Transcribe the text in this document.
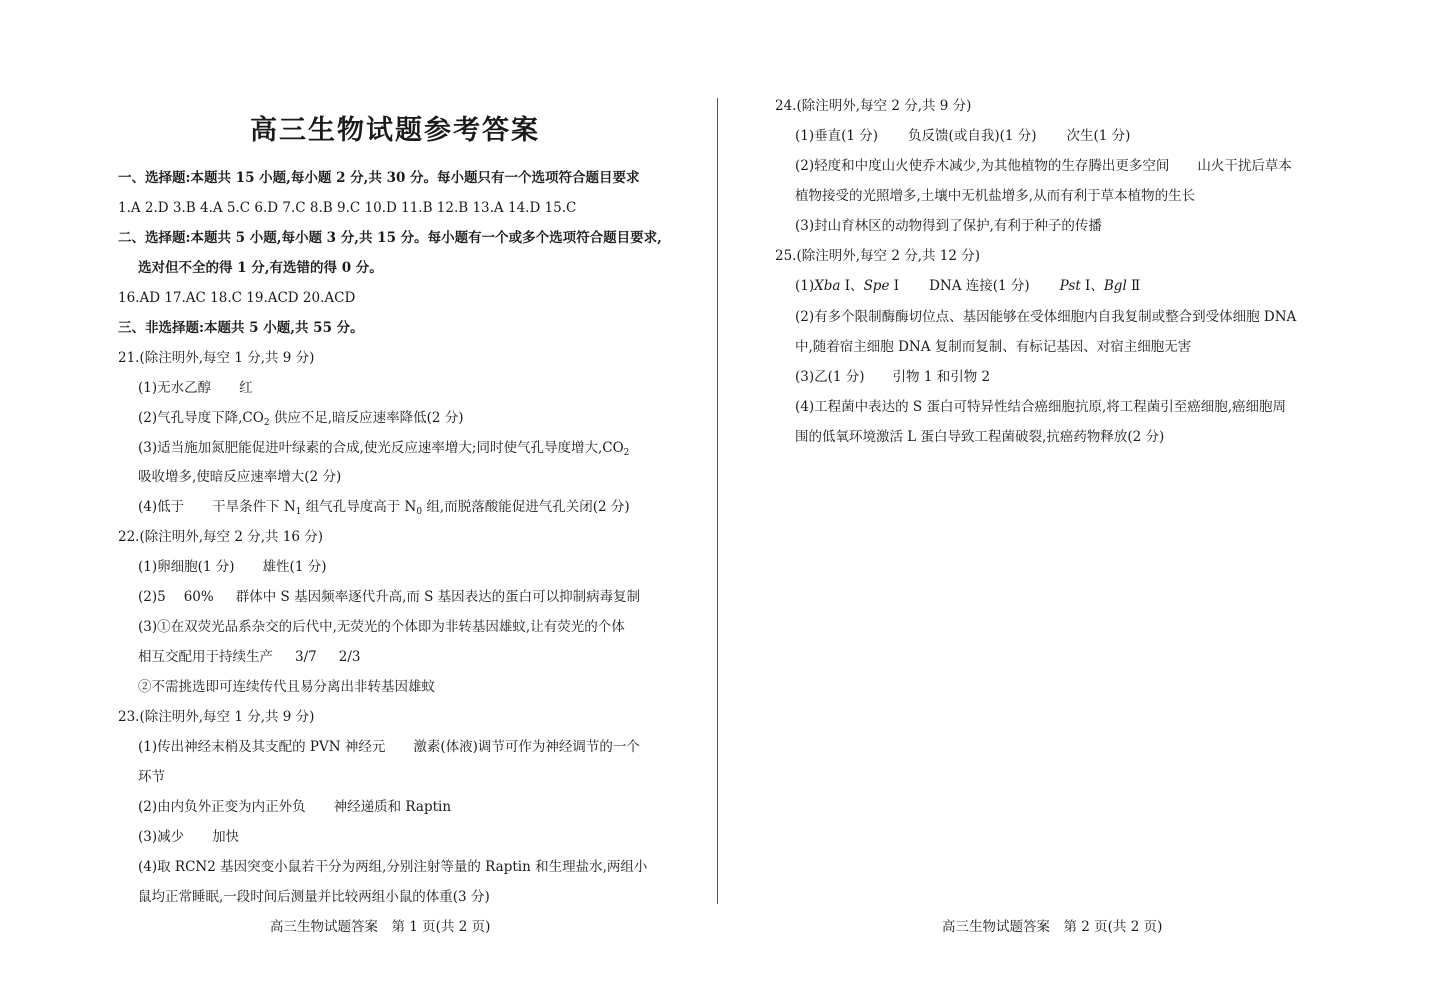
高三生物试题参考答案
一、选择题:本题共 15 小题,每小题 2 分,共 30 分。每小题只有一个选项符合题目要求
1.A 2.D 3.B 4.A 5.C 6.D 7.C 8.B 9.C 10.D 11.B 12.B 13.A 14.D 15.C
二、选择题:本题共 5 小题,每小题 3 分,共 15 分。每小题有一个或多个选项符合题目要求,
选对但不全的得 1 分,有选错的得 0 分。
16.AD 17.AC 18.C 19.ACD 20.ACD
三、非选择题:本题共 5 小题,共 55 分。
21.(除注明外,每空 1 分,共 9 分)
(1)无水乙醇 红
(2)气孔导度下降$,CO_2$ 供应不足,暗反应速率降低(2 分)
(3)适当施加氮肥能促进叶绿素的合成,使光反应速率增大;同时使气孔导度增大$,CO_2$
吸收增多,使暗反应速率增大(2 分)
(4)低于 干旱条件下 $N_1$ 组气孔导度高于 $N_0$ 组,而脱落酸能促进气孔关闭(2 分)
22.(除注明外,每空 2 分,共 16 分)
(1)卵细胞(1 分) 雄性(1 分)
(2)5 60% 群体中 S 基因频率逐代升高,而 S 基因表达的蛋白可以抑制病毒复制
(3)①在双荧光品系杂交的后代中,无荧光的个体即为非转基因雄蚊,让有荧光的个体
相互交配用于持续生产 3/7 2/3
②不需挑选即可连续传代且易分离出非转基因雄蚊
23.(除注明外,每空 1 分,共 9 分)
(1)传出神经末梢及其支配的 PVN 神经元 激素(体液)调节可作为神经调节的一个
环节
(2)由内负外正变为内正外负 神经递质和 Raptin
(3)减少 加快
(4)取 RCN2 基因突变小鼠若干分为两组,分别注射等量的 Raptin 和生理盐水,两组小
鼠均正常睡眠,一段时间后测量并比较两组小鼠的体重(3 分)
高三生物试题答案　第 1 页(共 2 页)
24.(除注明外,每空 2 分,共 9 分)
(1)垂直(1 分) 负反馈(或自我)(1 分) 次生(1 分)
(2)轻度和中度山火使乔木减少,为其他植物的生存腾出更多空间 山火干扰后草本
植物接受的光照增多,土壤中无机盐增多,从而有利于草本植物的生长
(3)封山育林区的动物得到了保护,有利于种子的传播
25.(除注明外,每空 2 分,共 12 分)
(1)Xba Ⅰ、Spe Ⅰ DNA 连接(1 分) Pst Ⅰ、Bgl Ⅱ
(2)有多个限制酶酶切位点、基因能够在受体细胞内自我复制或整合到受体细胞 DNA
中,随着宿主细胞 DNA 复制而复制、有标记基因、对宿主细胞无害
(3)乙(1 分) 引物 1 和引物 2
(4)工程菌中表达的 S 蛋白可特异性结合癌细胞抗原,将工程菌引至癌细胞,癌细胞周
围的低氧环境激活 L 蛋白导致工程菌破裂,抗癌药物释放(2 分)
高三生物试题答案　第 2 页(共 2 页)
